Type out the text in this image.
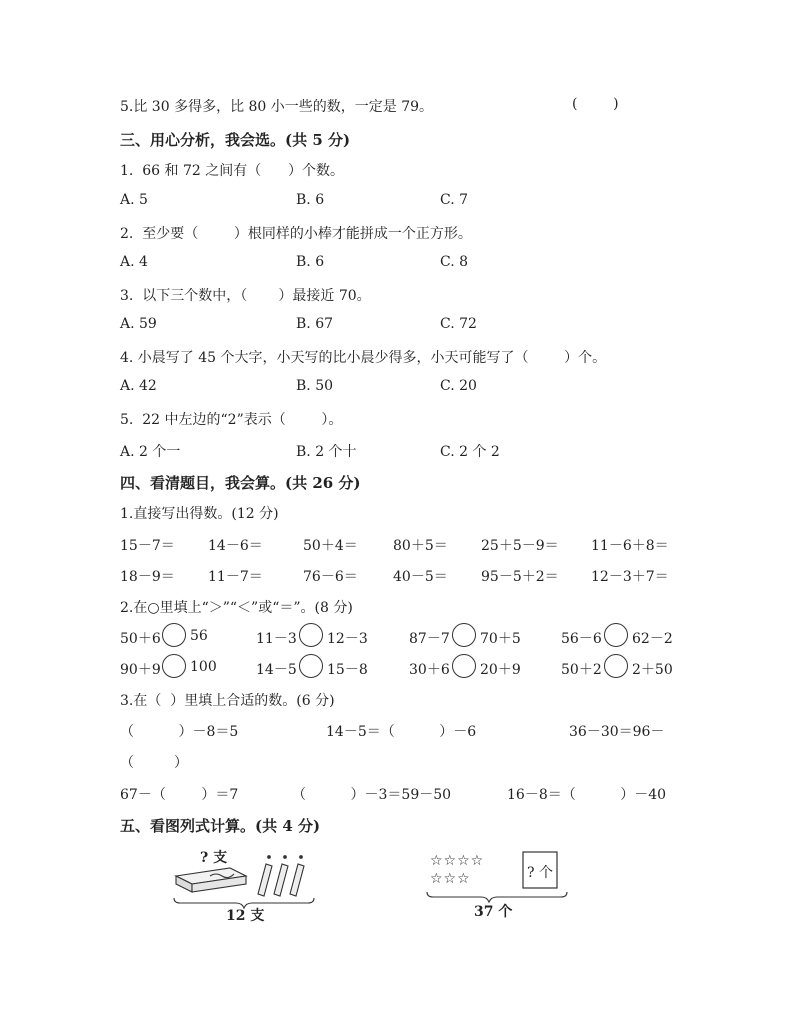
5.比 30 多得多，比 80 小一些的数，一定是 79。	(        )
三、用心分析，我会选。(共 5 分)
1.  66 和 72 之间有（      ）个数。
A. 5	B. 6	C. 7
2.  至少要（        ）根同样的小棒才能拼成一个正方形。
A. 4	B. 6	C. 8
3.  以下三个数中，（       ）最接近 70。
A. 59	B. 67	C. 72
4. 小晨写了 45 个大字，小天写的比小晨少得多，小天可能写了（        ）个。
A. 42	B. 50	C. 20
5.  22 中左边的“2”表示（        ）。
A. 2 个一	B. 2 个十	C. 2 个 2
四、看清题目，我会算。(共 26 分)
1.直接写出得数。(12 分)
15－7＝ 14－6＝	50＋4＝	80＋5＝ 25＋5－9＝ 11－6＋8＝
18－9＝ 11－7＝	76－6＝	40－5＝ 95－5＋2＝ 12－3＋7＝
2.在○里填上“＞”“＜”或“＝”。(8 分)
50＋6 56	11－3 12－3	87－7 70＋5	56－6 62－2
90＋9 100	14－5 15－8	30＋6 20＋9	50＋2 2＋50
3.在（  ）里填上合适的数。(6 分)
（          ）－8＝5	14－5＝（          ）－6	36－30＝96－
（         ）
67－（        ）＝7	（          ）－3＝59－50	16－8＝（          ）－40
五、看图列式计算。(共 4 分)
? 支
12 支
☆☆☆☆
☆☆☆	? 个
37 个
